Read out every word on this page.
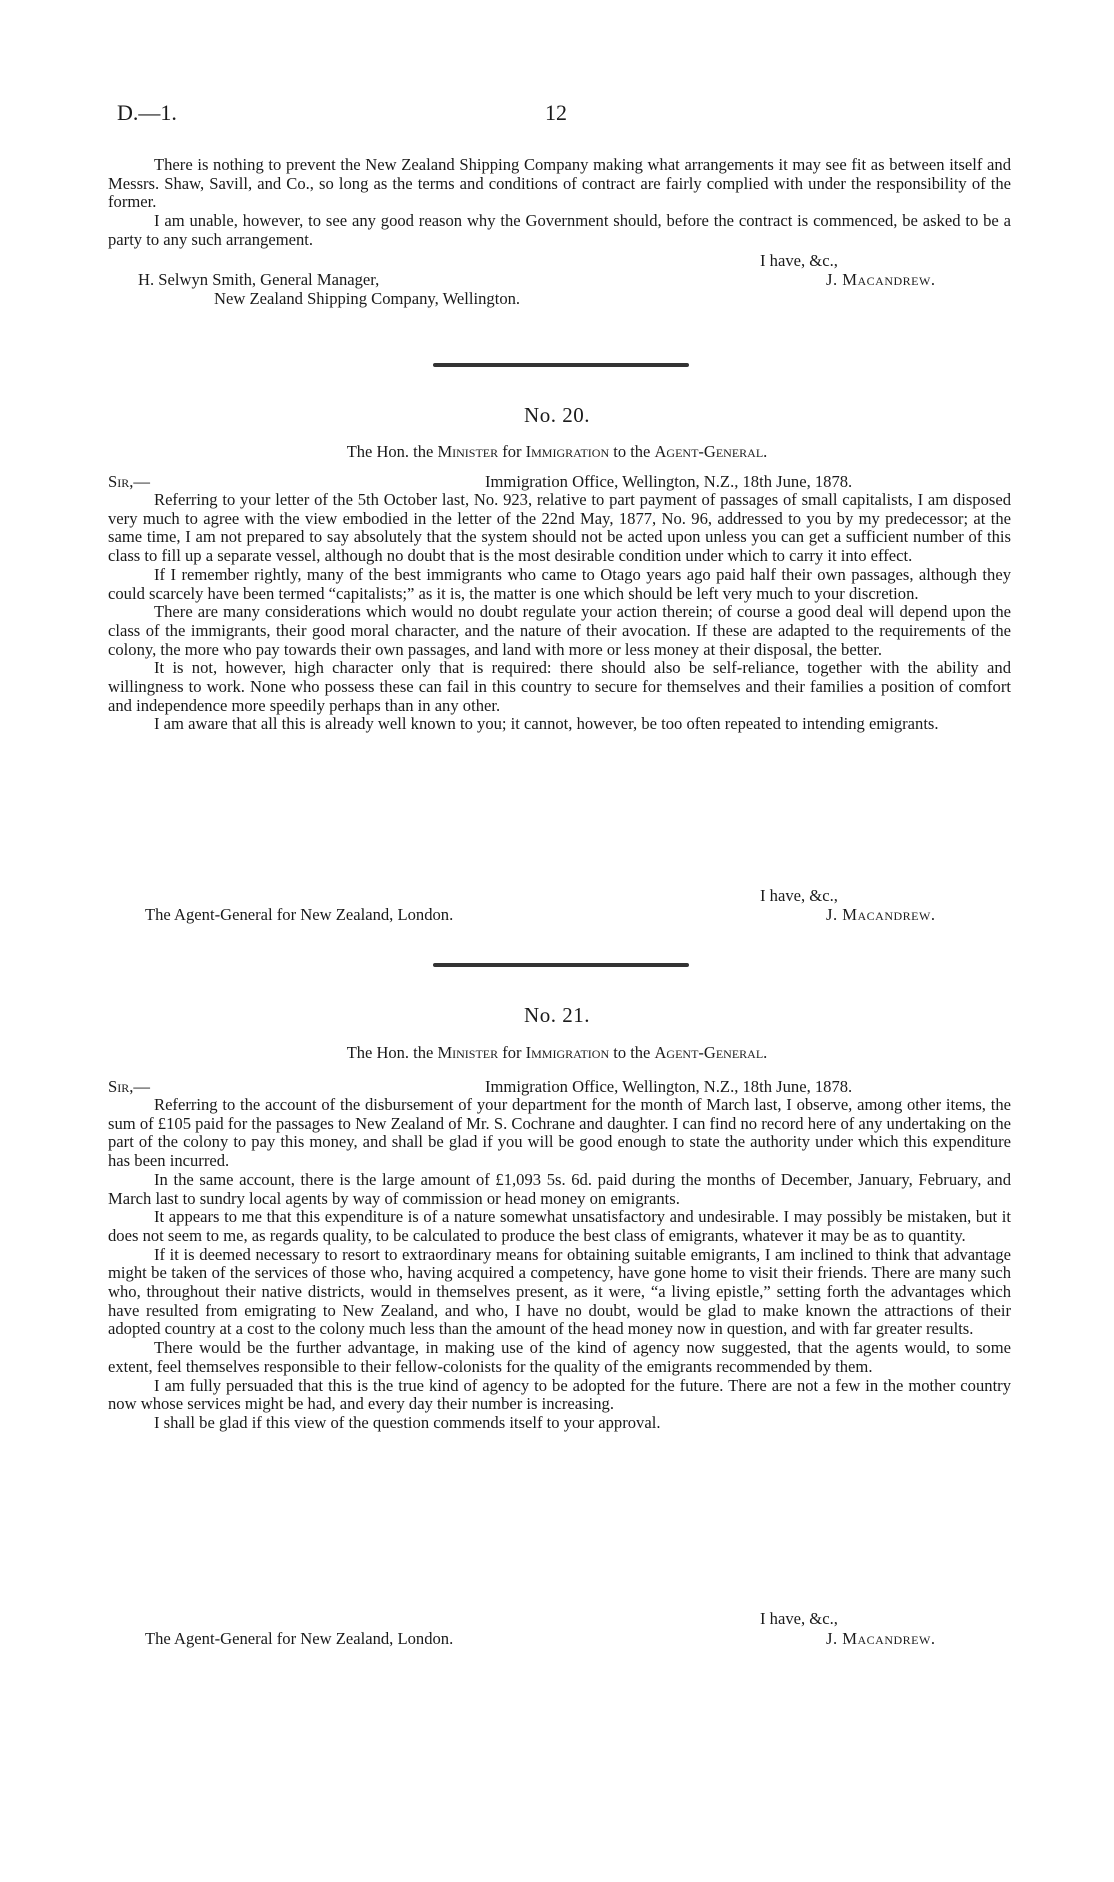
D.—1.	12

There is nothing to prevent the New Zealand Shipping Company making what arrangements it may see fit as between itself and Messrs. Shaw, Savill, and Co., so long as the terms and conditions of contract are fairly complied with under the responsibility of the former.

I am unable, however, to see any good reason why the Government should, before the contract is commenced, be asked to be a party to any such arrangement.

I have, &c.,
J. Macandrew.
H. Selwyn Smith, General Manager,
New Zealand Shipping Company, Wellington.
No. 20.
The Hon. the Minister for Immigration to the Agent-General.
Sir,—	Immigration Office, Wellington, N.Z., 18th June, 1878.

Referring to your letter of the 5th October last, No. 923, relative to part payment of passages of small capitalists, I am disposed very much to agree with the view embodied in the letter of the 22nd May, 1877, No. 96, addressed to you by my predecessor; at the same time, I am not prepared to say absolutely that the system should not be acted upon unless you can get a sufficient number of this class to fill up a separate vessel, although no doubt that is the most desirable condition under which to carry it into effect.

If I remember rightly, many of the best immigrants who came to Otago years ago paid half their own passages, although they could scarcely have been termed “capitalists;” as it is, the matter is one which should be left very much to your discretion.

There are many considerations which would no doubt regulate your action therein; of course a good deal will depend upon the class of the immigrants, their good moral character, and the nature of their avocation. If these are adapted to the requirements of the colony, the more who pay towards their own passages, and land with more or less money at their disposal, the better.

It is not, however, high character only that is required: there should also be self-reliance, together with the ability and willingness to work. None who possess these can fail in this country to secure for themselves and their families a position of comfort and independence more speedily perhaps than in any other.

I am aware that all this is already well known to you; it cannot, however, be too often repeated to intending emigrants.

I have, &c.,
The Agent-General for New Zealand, London.	J. Macandrew.
No. 21.
The Hon. the Minister for Immigration to the Agent-General.
Sir,—	Immigration Office, Wellington, N.Z., 18th June, 1878.

Referring to the account of the disbursement of your department for the month of March last, I observe, among other items, the sum of £105 paid for the passages to New Zealand of Mr. S. Cochrane and daughter. I can find no record here of any undertaking on the part of the colony to pay this money, and shall be glad if you will be good enough to state the authority under which this expenditure has been incurred.

In the same account, there is the large amount of £1,093 5s. 6d. paid during the months of December, January, February, and March last to sundry local agents by way of commission or head money on emigrants.

It appears to me that this expenditure is of a nature somewhat unsatisfactory and undesirable. I may possibly be mistaken, but it does not seem to me, as regards quality, to be calculated to produce the best class of emigrants, whatever it may be as to quantity.

If it is deemed necessary to resort to extraordinary means for obtaining suitable emigrants, I am inclined to think that advantage might be taken of the services of those who, having acquired a competency, have gone home to visit their friends. There are many such who, throughout their native districts, would in themselves present, as it were, “a living epistle,” setting forth the advantages which have resulted from emigrating to New Zealand, and who, I have no doubt, would be glad to make known the attractions of their adopted country at a cost to the colony much less than the amount of the head money now in question, and with far greater results.

There would be the further advantage, in making use of the kind of agency now suggested, that the agents would, to some extent, feel themselves responsible to their fellow-colonists for the quality of the emigrants recommended by them.

I am fully persuaded that this is the true kind of agency to be adopted for the future. There are not a few in the mother country now whose services might be had, and every day their number is increasing.

I shall be glad if this view of the question commends itself to your approval.

I have, &c.,
The Agent-General for New Zealand, London.	J. Macandrew.
